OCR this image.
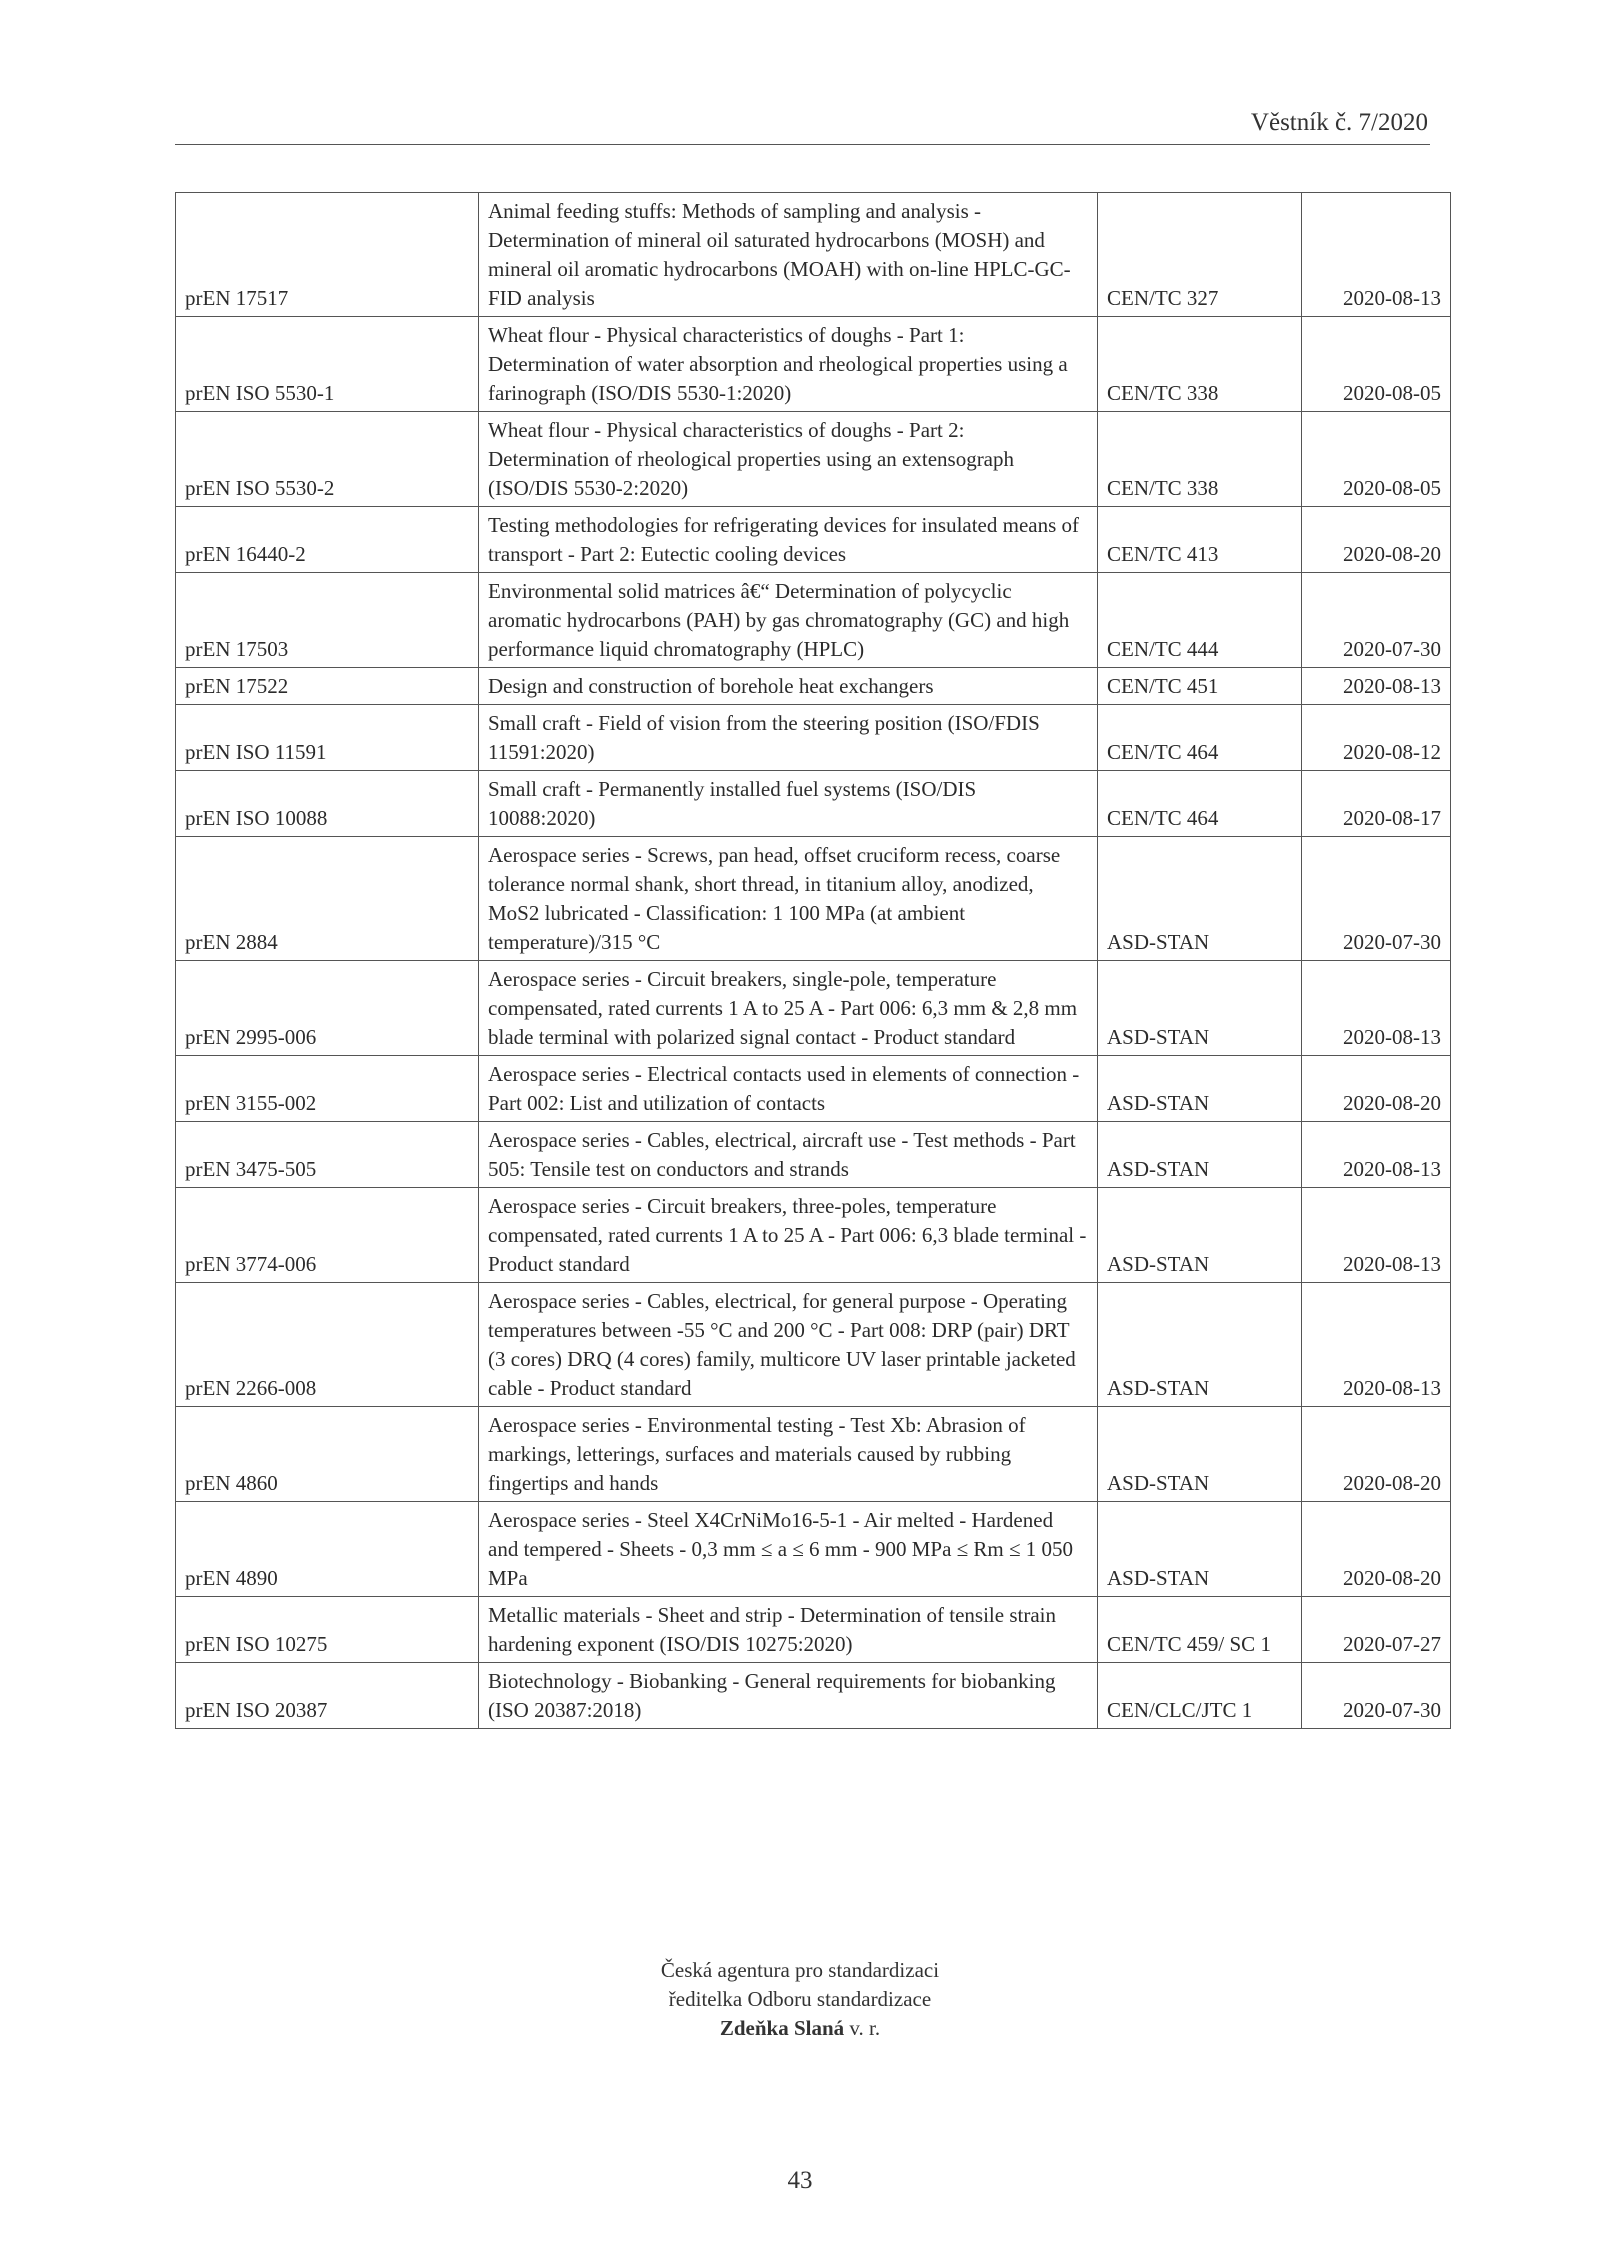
Věstník č. 7/2020
prEN 17517	Animal feeding stuffs: Methods of sampling and analysis - Determination of mineral oil saturated hydrocarbons (MOSH) and mineral oil aromatic hydrocarbons (MOAH) with on-line HPLC-GC-FID analysis	CEN/TC 327	2020-08-13
prEN ISO 5530-1	Wheat flour - Physical characteristics of doughs - Part 1: Determination of water absorption and rheological properties using a farinograph (ISO/DIS 5530-1:2020)	CEN/TC 338	2020-08-05
prEN ISO 5530-2	Wheat flour - Physical characteristics of doughs - Part 2: Determination of rheological properties using an extensograph (ISO/DIS 5530-2:2020)	CEN/TC 338	2020-08-05
prEN 16440-2	Testing methodologies for refrigerating devices for insulated means of transport - Part 2: Eutectic cooling devices	CEN/TC 413	2020-08-20
prEN 17503	Environmental solid matrices â€“ Determination of polycyclic aromatic hydrocarbons (PAH) by gas chromatography (GC) and high performance liquid chromatography (HPLC)	CEN/TC 444	2020-07-30
prEN 17522	Design and construction of borehole heat exchangers	CEN/TC 451	2020-08-13
prEN ISO 11591	Small craft - Field of vision from the steering position (ISO/FDIS 11591:2020)	CEN/TC 464	2020-08-12
prEN ISO 10088	Small craft - Permanently installed fuel systems (ISO/DIS 10088:2020)	CEN/TC 464	2020-08-17
prEN 2884	Aerospace series - Screws, pan head, offset cruciform recess, coarse tolerance normal shank, short thread, in titanium alloy, anodized, MoS2 lubricated - Classification: 1 100 MPa (at ambient temperature)/315 °C	ASD-STAN	2020-07-30
prEN 2995-006	Aerospace series - Circuit breakers, single-pole, temperature compensated, rated currents 1 A to 25 A - Part 006: 6,3 mm & 2,8 mm blade terminal with polarized signal contact - Product standard	ASD-STAN	2020-08-13
prEN 3155-002	Aerospace series - Electrical contacts used in elements of connection - Part 002: List and utilization of contacts	ASD-STAN	2020-08-20
prEN 3475-505	Aerospace series - Cables, electrical, aircraft use - Test methods - Part 505: Tensile test on conductors and strands	ASD-STAN	2020-08-13
prEN 3774-006	Aerospace series - Circuit breakers, three-poles, temperature compensated, rated currents 1 A to 25 A - Part 006: 6,3 blade terminal - Product standard	ASD-STAN	2020-08-13
prEN 2266-008	Aerospace series - Cables, electrical, for general purpose - Operating temperatures between -55 °C and 200 °C - Part 008: DRP (pair) DRT (3 cores) DRQ (4 cores) family, multicore UV laser printable jacketed cable - Product standard	ASD-STAN	2020-08-13
prEN 4860	Aerospace series - Environmental testing - Test Xb: Abrasion of markings, letterings, surfaces and materials caused by rubbing fingertips and hands	ASD-STAN	2020-08-20
prEN 4890	Aerospace series - Steel X4CrNiMo16-5-1 - Air melted - Hardened and tempered - Sheets - 0,3 mm ≤ a ≤ 6 mm - 900 MPa ≤ Rm ≤ 1 050 MPa	ASD-STAN	2020-08-20
prEN ISO 10275	Metallic materials - Sheet and strip - Determination of tensile strain hardening exponent (ISO/DIS 10275:2020)	CEN/TC 459/ SC 1	2020-07-27
prEN ISO 20387	Biotechnology - Biobanking - General requirements for biobanking (ISO 20387:2018)	CEN/CLC/JTC 1	2020-07-30
Česká agentura pro standardizaci
ředitelka Odboru standardizace
Zdeňka Slaná v. r.
43
